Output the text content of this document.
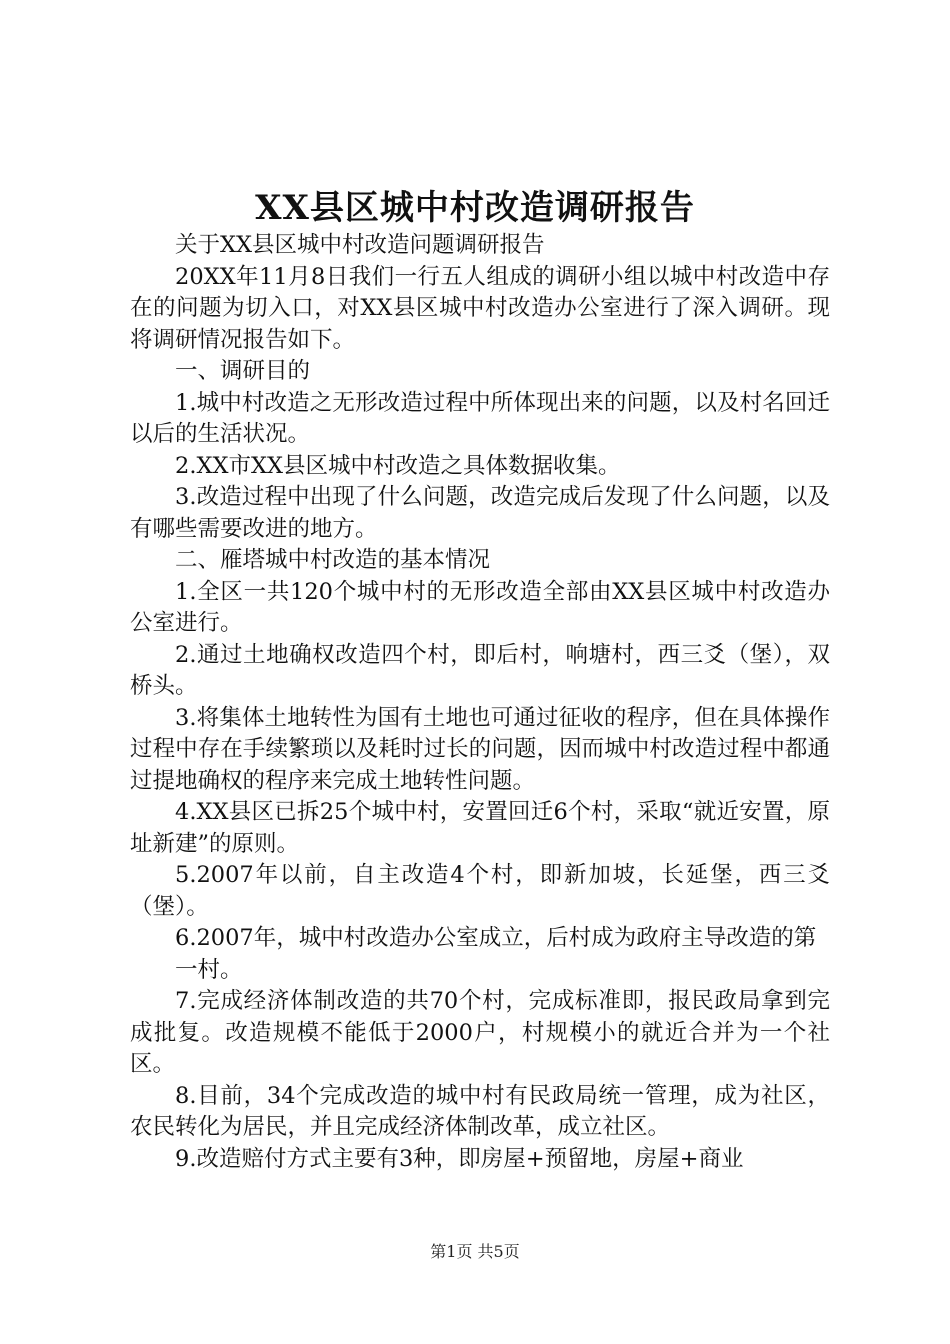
XX县区城中村改造调研报告

关于XX县区城中村改造问题调研报告

20XX年11月8日我们一行五人组成的调研小组以城中村改造中存在的问题为切入口，对XX县区城中村改造办公室进行了深入调研。现将调研情况报告如下。

一、调研目的

1.城中村改造之无形改造过程中所体现出来的问题，以及村名回迁以后的生活状况。

2.XX市XX县区城中村改造之具体数据收集。

3.改造过程中出现了什么问题，改造完成后发现了什么问题，以及有哪些需要改进的地方。

二、雁塔城中村改造的基本情况

1.全区一共120个城中村的无形改造全部由XX县区城中村改造办公室进行。

2.通过土地确权改造四个村，即后村，响塘村，西三爻（堡），双桥头。

3.将集体土地转性为国有土地也可通过征收的程序，但在具体操作过程中存在手续繁琐以及耗时过长的问题，因而城中村改造过程中都通过提地确权的程序来完成土地转性问题。

4.XX县区已拆25个城中村，安置回迁6个村，采取“就近安置，原址新建”的原则。

5.2007年以前，自主改造4个村，即新加坡，长延堡，西三爻（堡）。

6.2007年，城中村改造办公室成立，后村成为政府主导改造的第

一村。

7.完成经济体制改造的共70个村，完成标准即，报民政局拿到完成批复。改造规模不能低于2000户，村规模小的就近合并为一个社区。

8.目前，34个完成改造的城中村有民政局统一管理，成为社区，农民转化为居民，并且完成经济体制改革，成立社区。

9.改造赔付方式主要有3种，即房屋+预留地，房屋+商业

第1页 共5页
